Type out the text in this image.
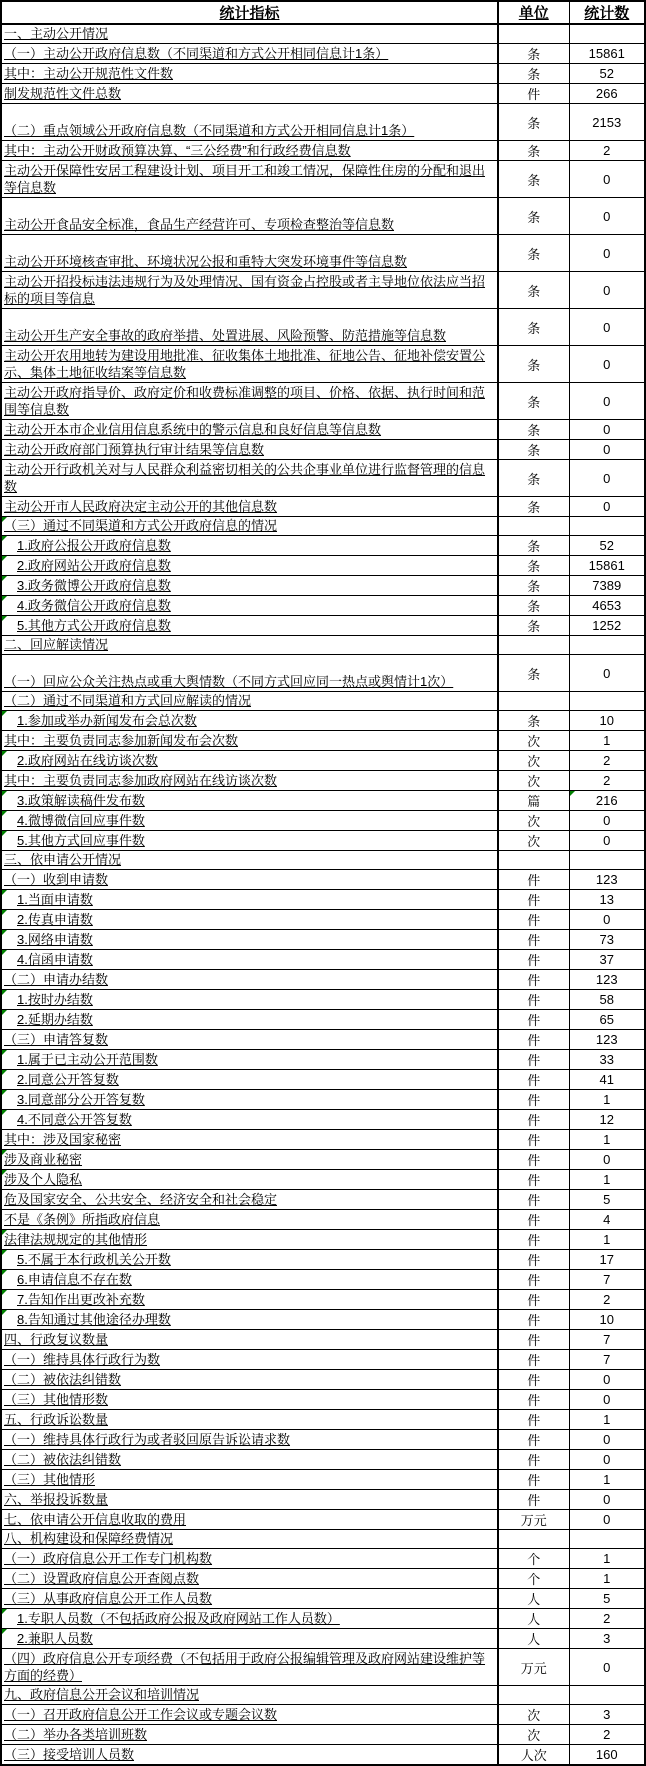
统计指标	单位	统计数
一、主动公开情况		
（一）主动公开政府信息数（不同渠道和方式公开相同信息计1条）	条	15861
其中：主动公开规范性文件数	条	52
制发规范性文件总数	件	266
（二）重点领域公开政府信息数（不同渠道和方式公开相同信息计1条）	条	2153
其中：主动公开财政预算决算、“三公经费”和行政经费信息数	条	2
主动公开保障性安居工程建设计划、项目开工和竣工情况，保障性住房的分配和退出等信息数	条	0
主动公开食品安全标准，食品生产经营许可、专项检查整治等信息数	条	0
主动公开环境核查审批、环境状况公报和重特大突发环境事件等信息数	条	0
主动公开招投标违法违规行为及处理情况、国有资金占控股或者主导地位依法应当招标的项目等信息	条	0
主动公开生产安全事故的政府举措、处置进展、风险预警、防范措施等信息数	条	0
主动公开农用地转为建设用地批准、征收集体土地批准、征地公告、征地补偿安置公示、集体土地征收结案等信息数	条	0
主动公开政府指导价、政府定价和收费标准调整的项目、价格、依据、执行时间和范围等信息数	条	0
主动公开本市企业信用信息系统中的警示信息和良好信息等信息数	条	0
主动公开政府部门预算执行审计结果等信息数	条	0
主动公开行政机关对与人民群众利益密切相关的公共企事业单位进行监督管理的信息数	条	0
主动公开市人民政府决定主动公开的其他信息数	条	0

（三）通过不同渠道和方式公开政府信息的情况		

1.政府公报公开政府信息数	条	52

2.政府网站公开政府信息数	条	15861

3.政务微博公开政府信息数	条	7389

4.政务微信公开政府信息数	条	4653

5.其他方式公开政府信息数	条	1252
二、回应解读情况		
（一）回应公众关注热点或重大舆情数（不同方式回应同一热点或舆情计1次）	条	0
（二）通过不同渠道和方式回应解读的情况		

1.参加或举办新闻发布会总次数	条	10
其中：主要负责同志参加新闻发布会次数	次	1

2.政府网站在线访谈次数	次	2
其中：主要负责同志参加政府网站在线访谈次数	次	2

3.政策解读稿件发布数	篇	216

4.微博微信回应事件数	次	0

5.其他方式回应事件数	次	0
三、依申请公开情况		
（一）收到申请数	件	123

1.当面申请数	件	13

2.传真申请数	件	0

3.网络申请数	件	73

4.信函申请数	件	37
（二）申请办结数	件	123

1.按时办结数	件	58

2.延期办结数	件	65
（三）申请答复数	件	123

1.属于已主动公开范围数	件	33

2.同意公开答复数	件	41

3.同意部分公开答复数	件	1

4.不同意公开答复数	件	12
其中：涉及国家秘密	件	1

涉及商业秘密	件	0

涉及个人隐私	件	1
危及国家安全、公共安全、经济安全和社会稳定	件	5
不是《条例》所指政府信息	件	4

法律法规规定的其他情形	件	1

5.不属于本行政机关公开数	件	17

6.申请信息不存在数	件	7

7.告知作出更改补充数	件	2

8.告知通过其他途径办理数	件	10
四、行政复议数量	件	7
（一）维持具体行政行为数	件	7
（二）被依法纠错数	件	0
（三）其他情形数	件	0
五、行政诉讼数量	件	1
（一）维持具体行政行为或者驳回原告诉讼请求数	件	0
（二）被依法纠错数	件	0
（三）其他情形	件	1
六、举报投诉数量	件	0
七、依申请公开信息收取的费用	万元	0
八、机构建设和保障经费情况		
（一）政府信息公开工作专门机构数	个	1
（二）设置政府信息公开查阅点数	个	1
（三）从事政府信息公开工作人员数	人	5

1.专职人员数（不包括政府公报及政府网站工作人员数）	人	2

2.兼职人员数	人	3
（四）政府信息公开专项经费（不包括用于政府公报编辑管理及政府网站建设维护等方面的经费）	万元	0
九、政府信息公开会议和培训情况		
（一）召开政府信息公开工作会议或专题会议数	次	3
（二）举办各类培训班数	次	2
（三）接受培训人员数	人次	160
